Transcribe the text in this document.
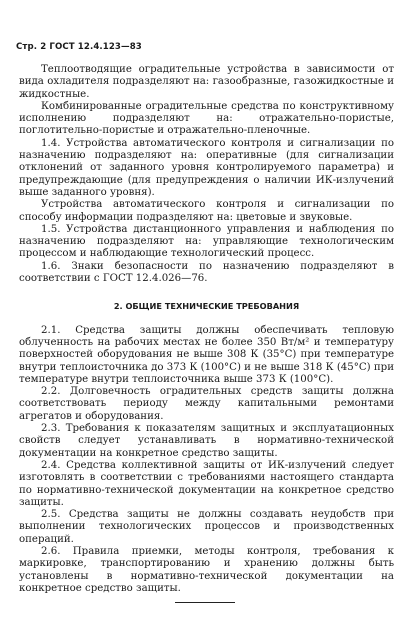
Стр. 2 ГОСТ 12.4.123—83

Теплоотводящие оградительные устройства в зависимости от вида охладителя подразделяют на: газообразные, газожидкостные и жидкостные.

Комбинированные оградительные средства по конструктивному исполнению подразделяют на: отражательно-пористые, поглотительно-пористые и отражательно-пленочные.

1.4. Устройства автоматического контроля и сигнализации по назначению подразделяют на: оперативные (для сигнализации отклонений от заданного уровня контролируемого параметра) и предупреждающие (для предупреждения о наличии ИК-излучений выше заданного уровня).

Устройства автоматического контроля и сигнализации по способу информации подразделяют на: цветовые и звуковые.

1.5. Устройства дистанционного управления и наблюдения по назначению подразделяют на: управляющие технологическим процессом и наблюдающие технологический процесс.

1.6. Знаки безопасности по назначению подразделяют в соответствии с ГОСТ 12.4.026—76.

2. ОБЩИЕ ТЕХНИЧЕСКИЕ ТРЕБОВАНИЯ

2.1. Средства защиты должны обеспечивать тепловую облученность на рабочих местах не более 350 Вт/м² и температуру поверхностей оборудования не выше 308 К (35°С) при температуре внутри теплоисточника до 373 К (100°С) и не выше 318 К (45°С) при температуре внутри теплоисточника выше 373 К (100°С).

2.2. Долговечность оградительных средств защиты должна соответствовать периоду между капитальными ремонтами агрегатов и оборудования.

2.3. Требования к показателям защитных и эксплуатационных свойств следует устанавливать в нормативно-технической документации на конкретное средство защиты.

2.4. Средства коллективной защиты от ИК-излучений следует изготовлять в соответствии с требованиями настоящего стандарта по нормативно-технической документации на конкретное средство защиты.

2.5. Средства защиты не должны создавать неудобств при выполнении технологических процессов и производственных операций.

2.6. Правила приемки, методы контроля, требования к маркировке, транспортированию и хранению должны быть установлены в нормативно-технической документации на конкретное средство защиты.
